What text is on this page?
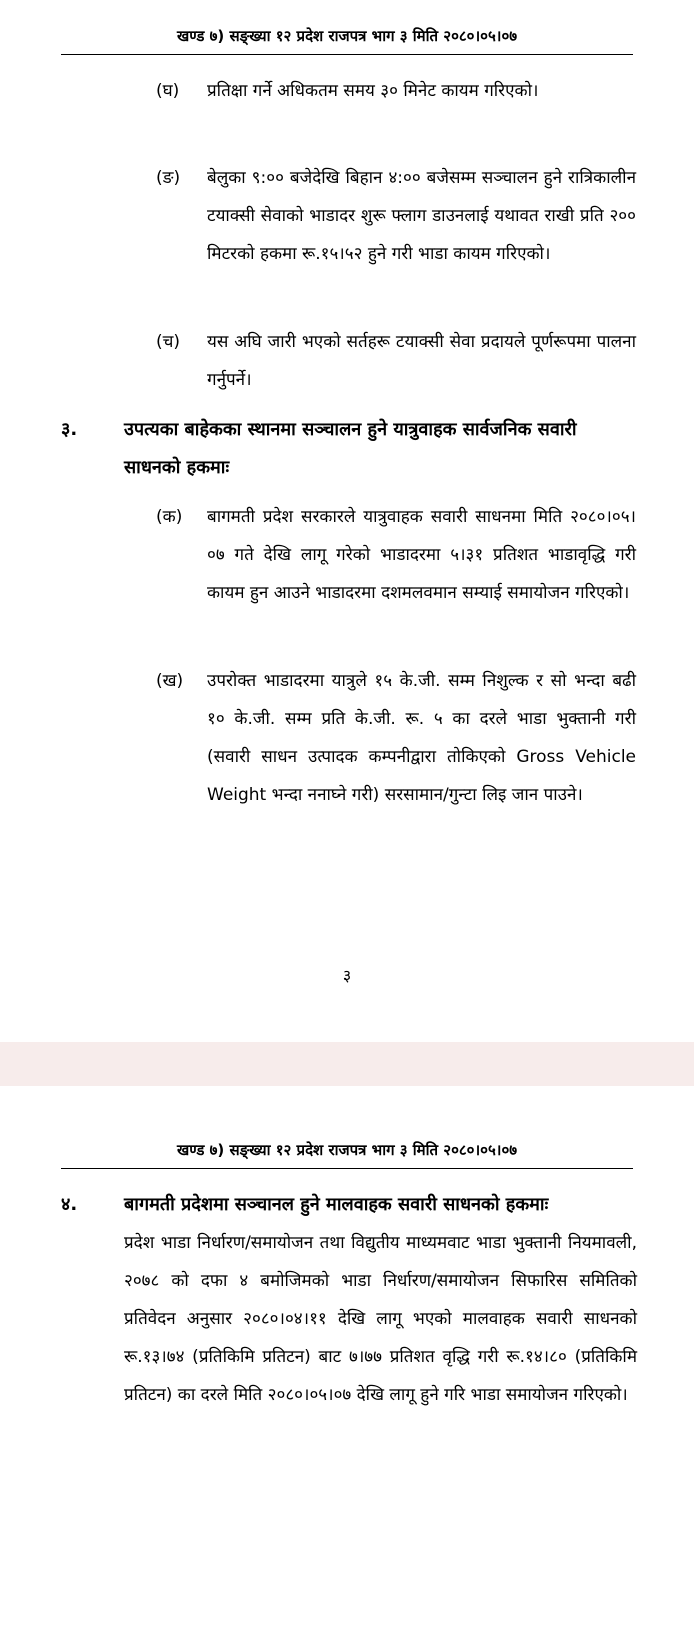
खण्ड ७) सङ्ख्या १२ प्रदेश राजपत्र भाग ३ मिति २०८०।०५।०७
(घ) प्रतिक्षा गर्ने अधिकतम समय ३० मिनेट कायम गरिएको।
(ङ) बेलुका ९:०० बजेदेखि बिहान ४:०० बजेसम्म सञ्चालन हुने रात्रिकालीन टयाक्सी सेवाको भाडादर शुरू फ्लाग डाउनलाई यथावत राखी प्रति २०० मिटरको हकमा रू.१५।५२ हुने गरी भाडा कायम गरिएको।
(च) यस अघि जारी भएको सर्तहरू टयाक्सी सेवा प्रदायले पूर्णरूपमा पालना गर्नुपर्ने।
३.	उपत्यका बाहेकका स्थानमा सञ्चालन हुने यात्रुवाहक सार्वजनिक सवारी साधनको हकमाः
(क) बागमती प्रदेश सरकारले यात्रुवाहक सवारी साधनमा मिति २०८०।०५।०७ गते देखि लागू गरेको भाडादरमा ५।३१ प्रतिशत भाडावृद्धि गरी कायम हुन आउने भाडादरमा दशमलवमान सम्याई समायोजन गरिएको।
(ख) उपरोक्त भाडादरमा यात्रुले १५ के.जी. सम्म निशुल्क र सो भन्दा बढी १० के.जी. सम्म प्रति के.जी. रू. ५ का दरले भाडा भुक्तानी गरी (सवारी साधन उत्पादक कम्पनीद्वारा तोकिएको Gross Vehicle Weight भन्दा ननाघ्ने गरी) सरसामान/गुन्टा लिइ जान पाउने।
३
खण्ड ७) सङ्ख्या १२ प्रदेश राजपत्र भाग ३ मिति २०८०।०५।०७
४.	बागमती प्रदेशमा सञ्चानल हुने मालवाहक सवारी साधनको हकमाः
प्रदेश भाडा निर्धारण/समायोजन तथा विद्युतीय माध्यमवाट भाडा भुक्तानी नियमावली, २०७८ को दफा ४ बमोजिमको भाडा निर्धारण/समायोजन सिफारिस समितिको प्रतिवेदन अनुसार २०८०।०४।११ देखि लागू भएको मालवाहक सवारी साधनको रू.१३।७४ (प्रतिकिमि प्रतिटन) बाट ७।७७ प्रतिशत वृद्धि गरी रू.१४।८० (प्रतिकिमि प्रतिटन) का दरले मिति २०८०।०५।०७ देखि लागू हुने गरि भाडा समायोजन गरिएको।
